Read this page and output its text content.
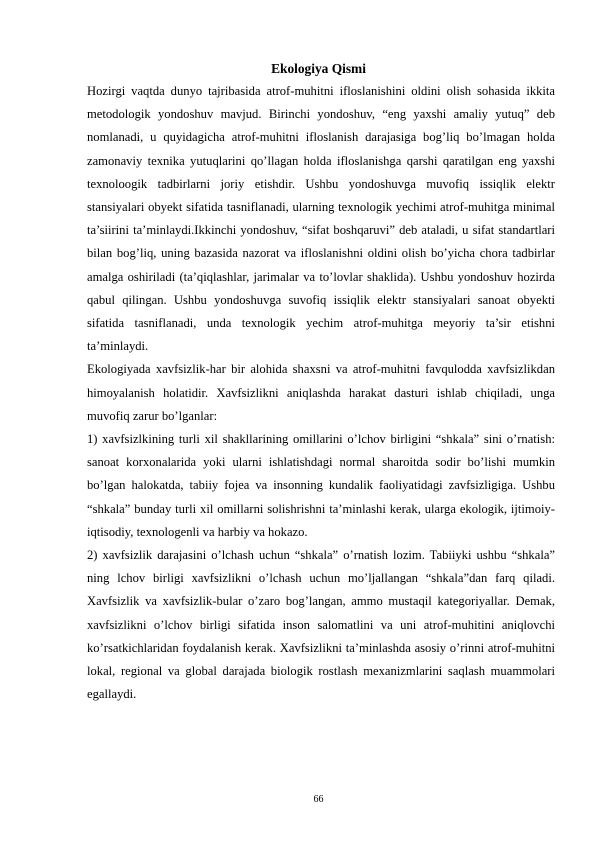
Ekologiya Qismi

Hozirgi vaqtda dunyo tajribasida atrof-muhitni ifloslanishini oldini olish sohasida ikkita metodologik yondoshuv mavjud. Birinchi yondoshuv, “eng yaxshi amaliy yutuq” deb nomlanadi, u quyidagicha atrof-muhitni ifloslanish darajasiga bog’liq bo’lmagan holda zamonaviy texnika yutuqlarini qo’llagan holda ifloslanishga qarshi qaratilgan eng yaxshi texnoloogik tadbirlarni joriy etishdir. Ushbu yondoshuvga muvofiq issiqlik elektr stansiyalari obyekt sifatida tasniflanadi, ularning texnologik yechimi atrof-muhitga minimal ta’siirini ta’minlaydi.Ikkinchi yondoshuv, “sifat boshqaruvi” deb ataladi, u sifat standartlari bilan bog’liq, uning bazasida nazorat va ifloslanishni oldini olish bo’yicha chora tadbirlar amalga oshiriladi (ta’qiqlashlar, jarimalar va to’lovlar shaklida). Ushbu yondoshuv hozirda qabul qilingan. Ushbu yondoshuvga suvofiq issiqlik elektr stansiyalari sanoat obyekti sifatida tasniflanadi, unda texnologik yechim atrof-muhitga meyoriy ta’sir etishni ta’minlaydi.

Ekologiyada xavfsizlik-har bir alohida shaxsni va atrof-muhitni favqulodda xavfsizlikdan himoyalanish holatidir. Xavfsizlikni aniqlashda harakat dasturi ishlab chiqiladi, unga muvofiq zarur bo’lganlar:

1) xavfsizlkining turli xil shakllarining omillarini o’lchov birligini “shkala” sini o’rnatish: sanoat korxonalarida yoki ularni ishlatishdagi normal sharoitda sodir bo’lishi mumkin bo’lgan halokatda, tabiiy fojea va insonning kundalik faoliyatidagi zavfsizligiga. Ushbu “shkala” bunday turli xil omillarni solishrishni ta’minlashi kerak, ularga ekologik, ijtimoiy-iqtisodiy, texnologenli va harbiy va hokazo.

2) xavfsizlik darajasini o’lchash uchun “shkala” o’rnatish lozim. Tabiiyki ushbu “shkala” ning lchov birligi xavfsizlikni o’lchash uchun mo’ljallangan “shkala”dan farq qiladi. Xavfsizlik va xavfsizlik-bular o’zaro bog’langan, ammo mustaqil kategoriyallar. Demak, xavfsizlikni o’lchov birligi sifatida inson salomatlini va uni atrof-muhitini aniqlovchi ko’rsatkichlaridan foydalanish kerak. Xavfsizlikni ta’minlashda asosiy o’rinni atrof-muhitni lokal, regional va global darajada biologik rostlash mexanizmlarini saqlash muammolari egallaydi.

66
